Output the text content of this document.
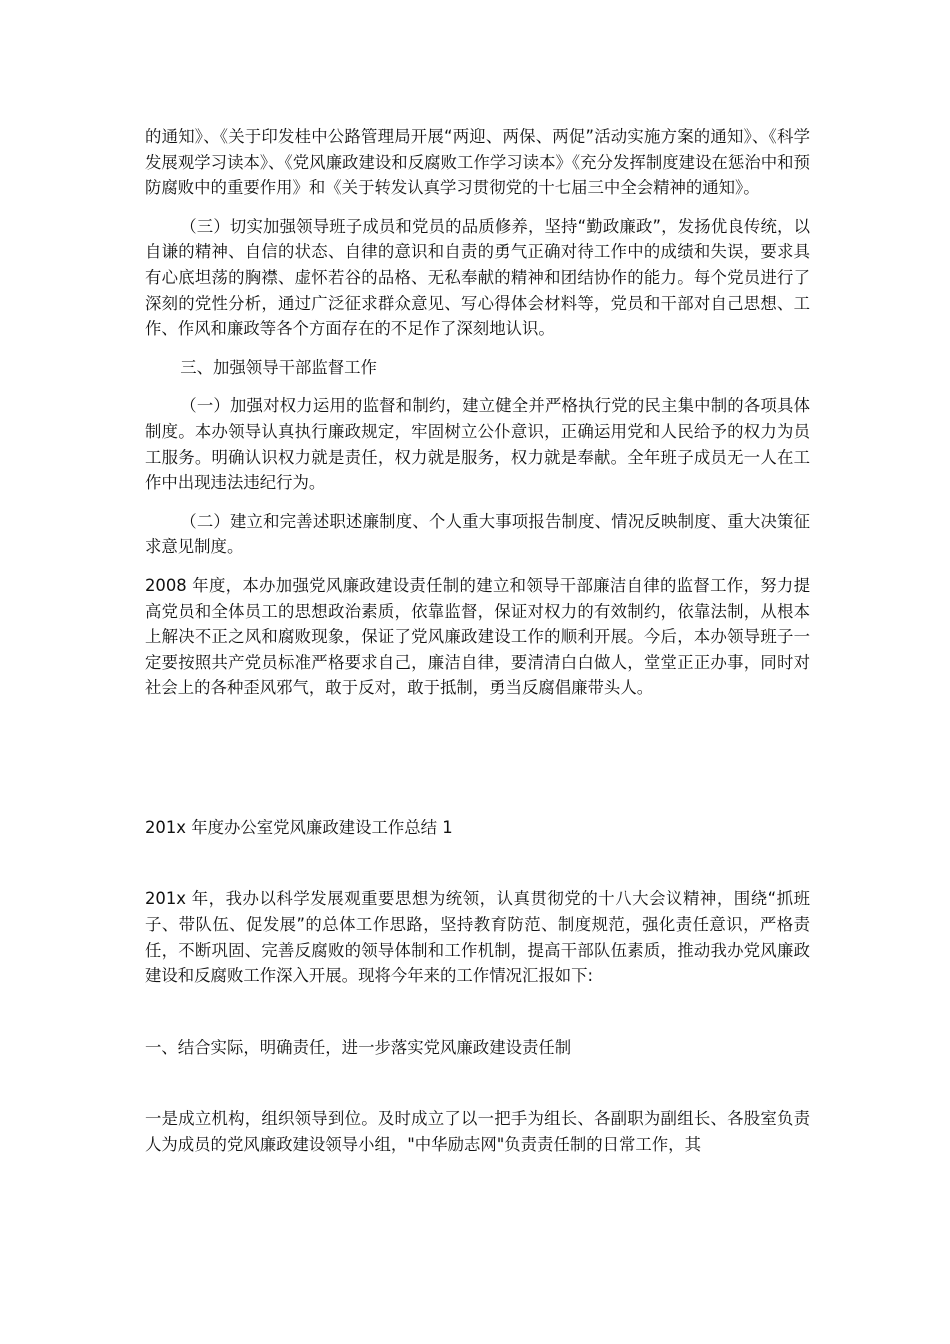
的通知》、《关于印发桂中公路管理局开展“两迎、两保、两促”活动实施方案的通知》、《科学发展观学习读本》、《党风廉政建设和反腐败工作学习读本》《充分发挥制度建设在惩治中和预防腐败中的重要作用》和《关于转发认真学习贯彻党的十七届三中全会精神的通知》。

（三）切实加强领导班子成员和党员的品质修养，坚持“勤政廉政”，发扬优良传统，以自谦的精神、自信的状态、自律的意识和自责的勇气正确对待工作中的成绩和失误，要求具有心底坦荡的胸襟、虚怀若谷的品格、无私奉献的精神和团结协作的能力。每个党员进行了深刻的党性分析，通过广泛征求群众意见、写心得体会材料等，党员和干部对自己思想、工作、作风和廉政等各个方面存在的不足作了深刻地认识。

三、加强领导干部监督工作

（一）加强对权力运用的监督和制约，建立健全并严格执行党的民主集中制的各项具体制度。本办领导认真执行廉政规定，牢固树立公仆意识，正确运用党和人民给予的权力为员工服务。明确认识权力就是责任，权力就是服务，权力就是奉献。全年班子成员无一人在工作中出现违法违纪行为。

（二）建立和完善述职述廉制度、个人重大事项报告制度、情况反映制度、重大决策征求意见制度。

2008 年度，本办加强党风廉政建设责任制的建立和领导干部廉洁自律的监督工作，努力提高党员和全体员工的思想政治素质，依靠监督，保证对权力的有效制约，依靠法制，从根本上解决不正之风和腐败现象，保证了党风廉政建设工作的顺利开展。今后，本办领导班子一定要按照共产党员标准严格要求自己，廉洁自律，要清清白白做人，堂堂正正办事，同时对社会上的各种歪风邪气，敢于反对，敢于抵制，勇当反腐倡廉带头人。

201x 年度办公室党风廉政建设工作总结 1

201x 年，我办以科学发展观重要思想为统领，认真贯彻党的十八大会议精神，围绕“抓班子、带队伍、促发展”的总体工作思路，坚持教育防范、制度规范，强化责任意识，严格责任，不断巩固、完善反腐败的领导体制和工作机制，提高干部队伍素质，推动我办党风廉政建设和反腐败工作深入开展。现将今年来的工作情况汇报如下:

一、结合实际，明确责任，进一步落实党风廉政建设责任制

一是成立机构，组织领导到位。及时成立了以一把手为组长、各副职为副组长、各股室负责人为成员的党风廉政建设领导小组，"中华励志网"负责责任制的日常工作，其
